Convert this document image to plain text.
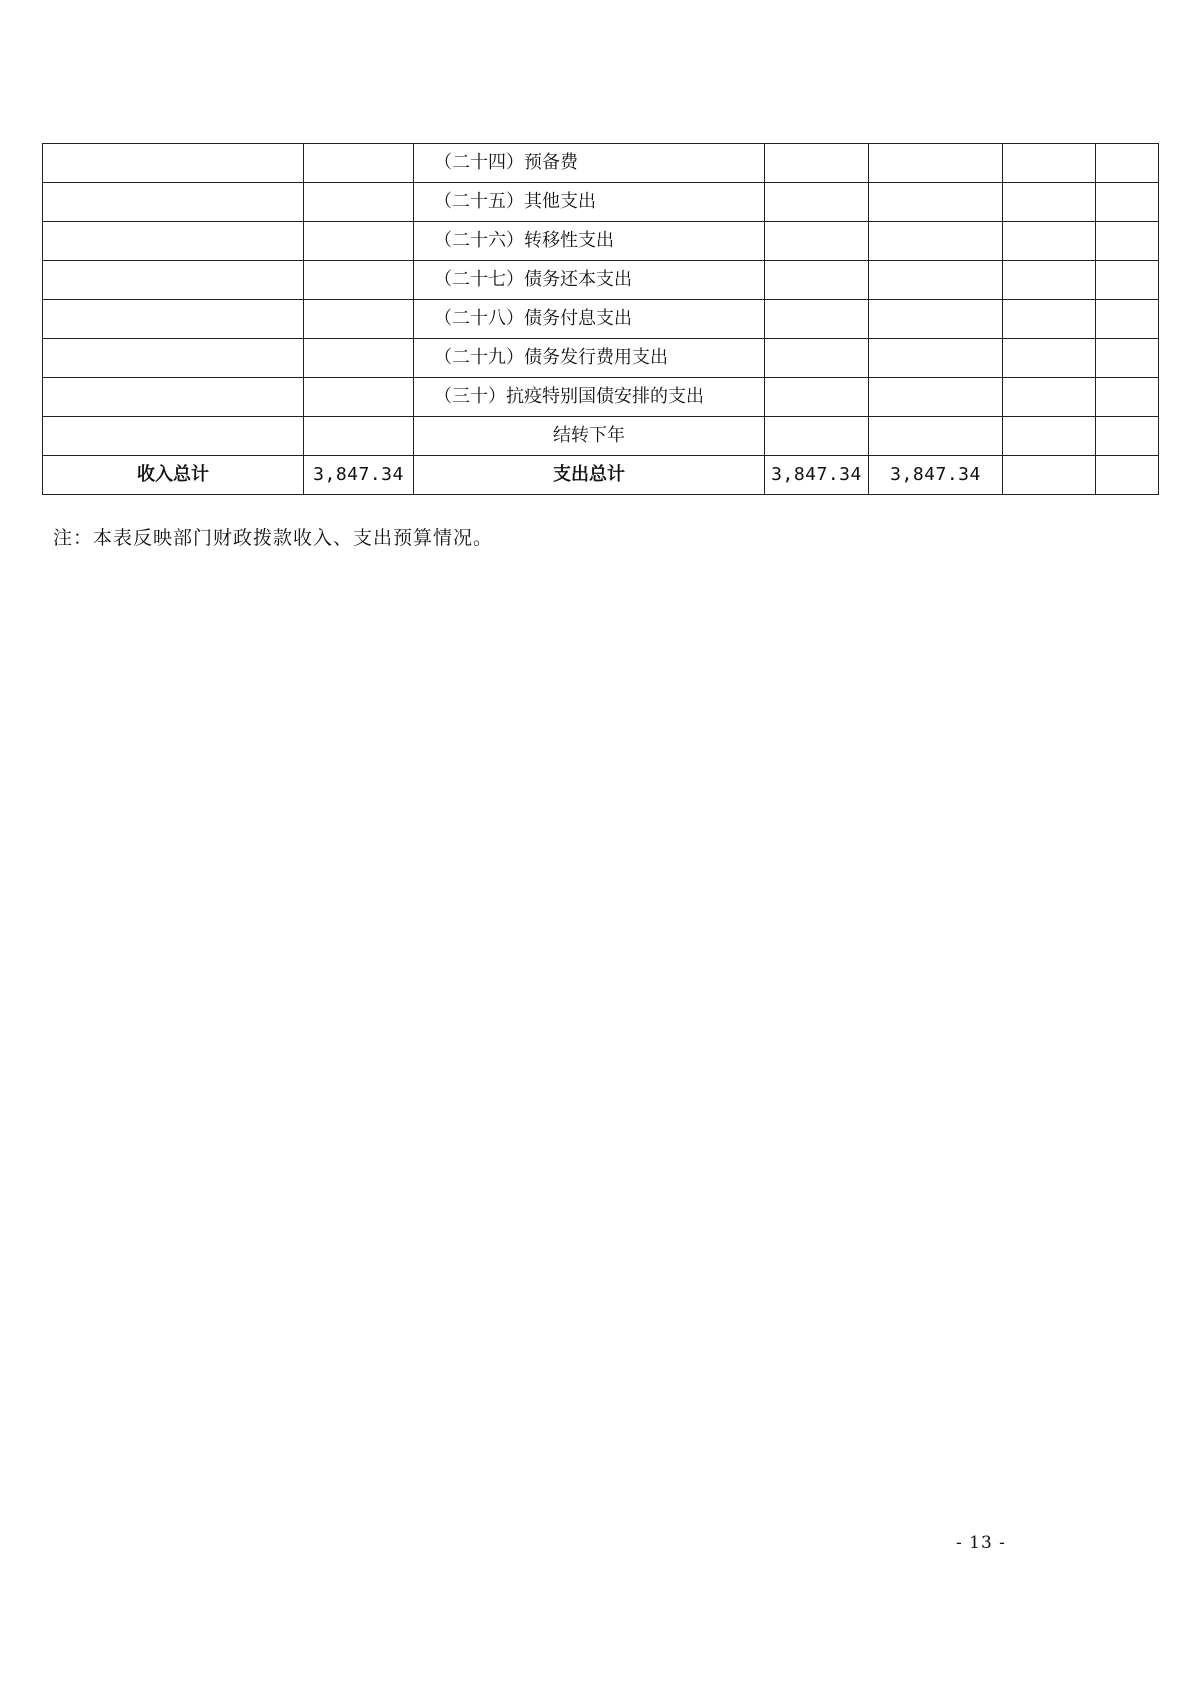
		（二十四）预备费				
		（二十五）其他支出				
		（二十六）转移性支出				
		（二十七）债务还本支出				
		（二十八）债务付息支出				
		（二十九）债务发行费用支出				
		（三十）抗疫特别国债安排的支出				
		结转下年				
收入总计	3,847.34	支出总计	3,847.34	3,847.34		
注：本表反映部门财政拨款收入、支出预算情况。
- 13 -
